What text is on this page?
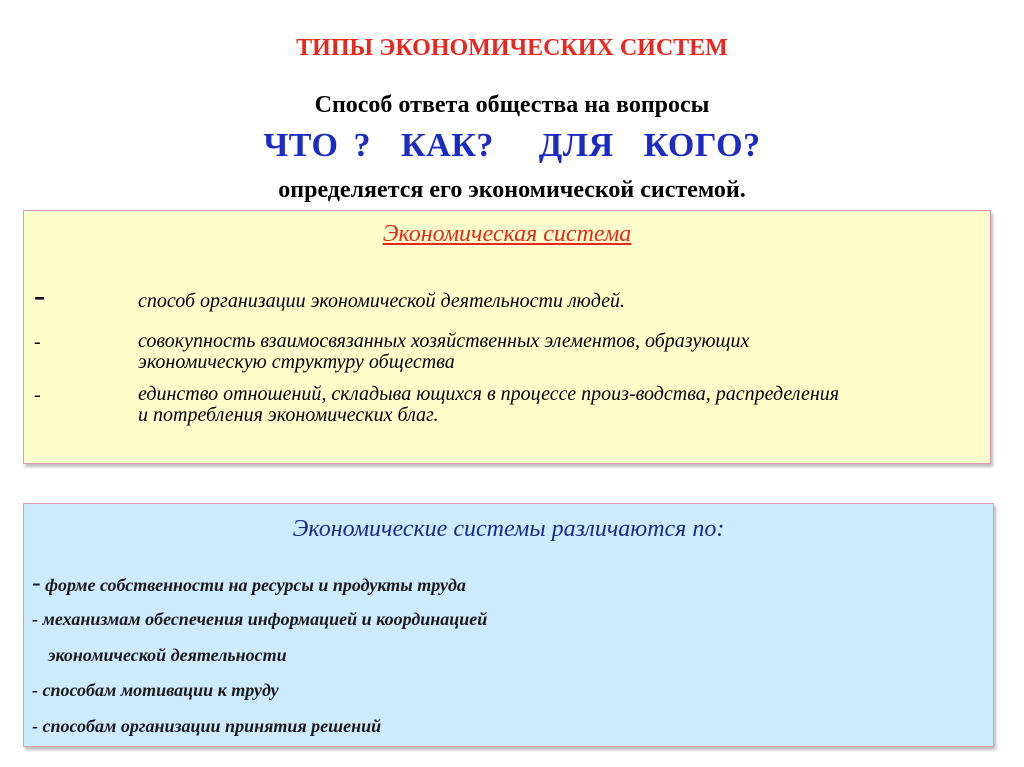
ТИПЫ ЭКОНОМИЧЕСКИХ СИСТЕМ
Способ ответа общества на вопросы
ЧТО ?  КАК?   ДЛЯ  КОГО?
определяется его экономической системой.
Экономическая система
-	способ организации экономической деятельности людей.
-	совокупность взаимосвязанных хозяйственных элементов, образующих экономическую структуру общества
-	единство отношений, складыва ющихся в процессе произ-водства, распределения и потребления экономических благ.
Экономические системы различаются по:
- форме собственности на ресурсы и продукты труда
- механизмам обеспечения информацией и координацией
экономической деятельности
- способам мотивации к труду
- способам организации принятия решений
